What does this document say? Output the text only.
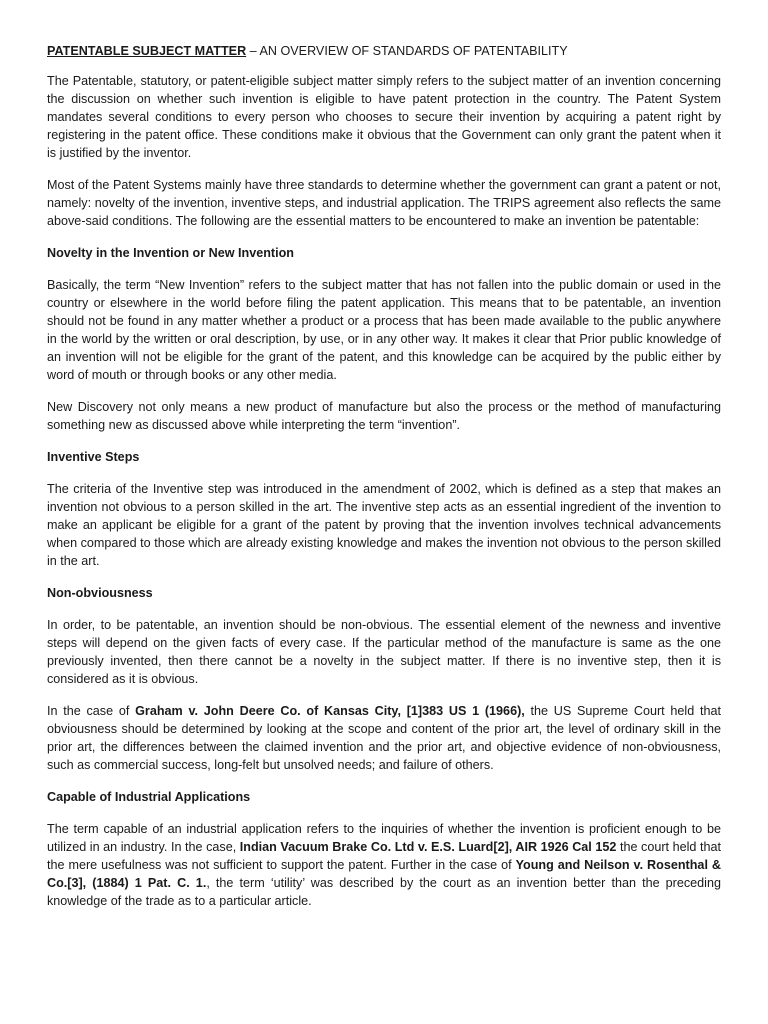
PATENTABLE SUBJECT MATTER – AN OVERVIEW OF STANDARDS OF PATENTABILITY

The Patentable, statutory, or patent-eligible subject matter simply refers to the subject matter of an invention concerning the discussion on whether such invention is eligible to have patent protection in the country. The Patent System mandates several conditions to every person who chooses to secure their invention by acquiring a patent right by registering in the patent office. These conditions make it obvious that the Government can only grant the patent when it is justified by the inventor.

Most of the Patent Systems mainly have three standards to determine whether the government can grant a patent or not, namely: novelty of the invention, inventive steps, and industrial application. The TRIPS agreement also reflects the same above-said conditions. The following are the essential matters to be encountered to make an invention be patentable:

Novelty in the Invention or New Invention

Basically, the term “New Invention” refers to the subject matter that has not fallen into the public domain or used in the country or elsewhere in the world before filing the patent application. This means that to be patentable, an invention should not be found in any matter whether a product or a process that has been made available to the public anywhere in the world by the written or oral description, by use, or in any other way. It makes it clear that Prior public knowledge of an invention will not be eligible for the grant of the patent, and this knowledge can be acquired by the public either by word of mouth or through books or any other media.

New Discovery not only means a new product of manufacture but also the process or the method of manufacturing something new as discussed above while interpreting the term “invention”.

Inventive Steps

The criteria of the Inventive step was introduced in the amendment of 2002, which is defined as a step that makes an invention not obvious to a person skilled in the art. The inventive step acts as an essential ingredient of the invention to make an applicant be eligible for a grant of the patent by proving that the invention involves technical advancements when compared to those which are already existing knowledge and makes the invention not obvious to the person skilled in the art.

Non-obviousness

In order, to be patentable, an invention should be non-obvious. The essential element of the newness and inventive steps will depend on the given facts of every case. If the particular method of the manufacture is same as the one previously invented, then there cannot be a novelty in the subject matter. If there is no inventive step, then it is considered as it is obvious.

In the case of Graham v. John Deere Co. of Kansas City, [1]383 US 1 (1966), the US Supreme Court held that obviousness should be determined by looking at the scope and content of the prior art, the level of ordinary skill in the prior art, the differences between the claimed invention and the prior art, and objective evidence of non-obviousness, such as commercial success, long-felt but unsolved needs; and failure of others.

Capable of Industrial Applications

The term capable of an industrial application refers to the inquiries of whether the invention is proficient enough to be utilized in an industry. In the case, Indian Vacuum Brake Co. Ltd v. E.S. Luard[2], AIR 1926 Cal 152 the court held that the mere usefulness was not sufficient to support the patent. Further in the case of Young and Neilson v. Rosenthal & Co.[3], (1884) 1 Pat. C. 1., the term ‘utility’ was described by the court as an invention better than the preceding knowledge of the trade as to a particular article.
